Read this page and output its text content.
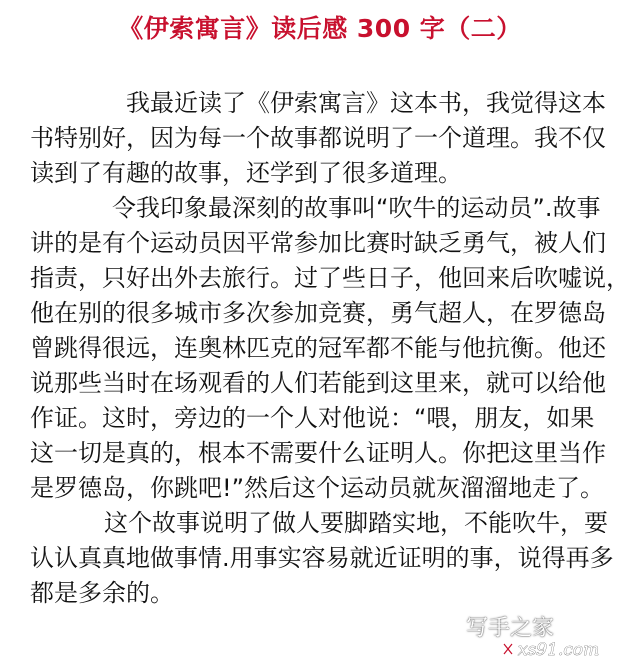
《伊索寓言》读后感 300 字（二）
我最近读了《伊索寓言》这本书，我觉得这本
书特别好，因为每一个故事都说明了一个道理。我不仅
读到了有趣的故事，还学到了很多道理。
令我印象最深刻的故事叫“吹牛的运动员”.故事
讲的是有个运动员因平常参加比赛时缺乏勇气，被人们
指责，只好出外去旅行。过了些日子，他回来后吹嘘说，
他在别的很多城市多次参加竞赛，勇气超人，在罗德岛
曾跳得很远，连奥林匹克的冠军都不能与他抗衡。他还
说那些当时在场观看的人们若能到这里来，就可以给他
作证。这时，旁边的一个人对他说：“喂，朋友，如果
这一切是真的，根本不需要什么证明人。你把这里当作
是罗德岛，你跳吧!”然后这个运动员就灰溜溜地走了。
这个故事说明了做人要脚踏实地，不能吹牛，要
认认真真地做事情.用事实容易就近证明的事，说得再多
都是多余的。
写手之家
xs91.com
